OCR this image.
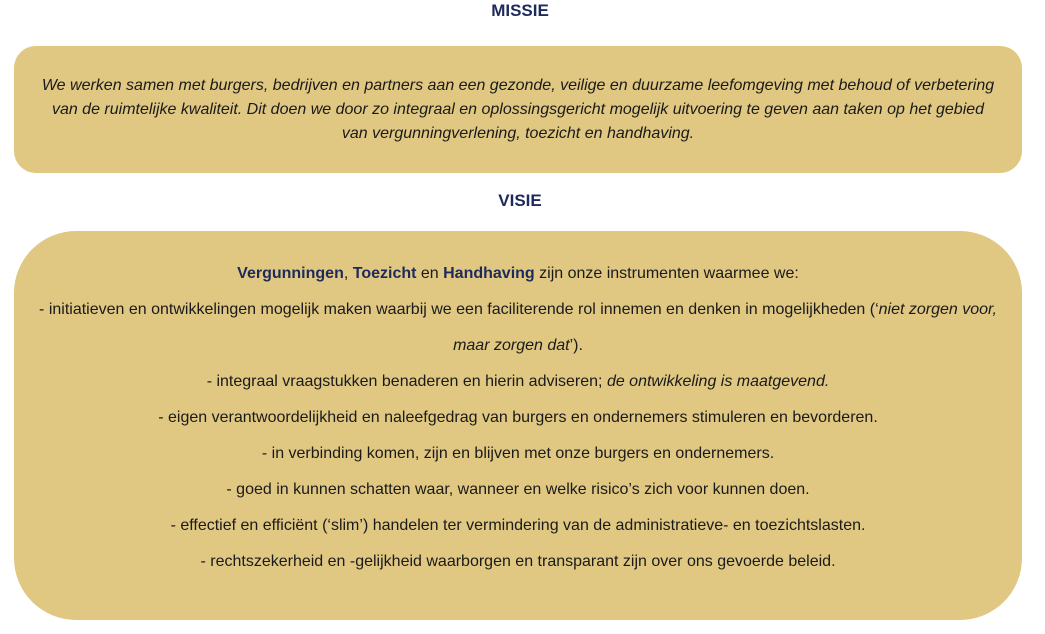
MISSIE
We werken samen met burgers, bedrijven en partners aan een gezonde, veilige en duurzame leefomgeving met behoud of verbetering van de ruimtelijke kwaliteit. Dit doen we door zo integraal en oplossingsgericht mogelijk uitvoering te geven aan taken op het gebied van vergunningverlening, toezicht en handhaving.
VISIE
Vergunningen, Toezicht en Handhaving zijn onze instrumenten waarmee we:
- initiatieven en ontwikkelingen mogelijk maken waarbij we een faciliterende rol innemen en denken in mogelijkheden (‘niet zorgen voor, maar zorgen dat’).
- integraal vraagstukken benaderen en hierin adviseren; de ontwikkeling is maatgevend.
- eigen verantwoordelijkheid en naleefgedrag van burgers en ondernemers stimuleren en bevorderen.
- in verbinding komen, zijn en blijven met onze burgers en ondernemers.
- goed in kunnen schatten waar, wanneer en welke risico’s zich voor kunnen doen.
- effectief en efficiënt (‘slim’) handelen ter vermindering van de administratieve- en toezichtslasten.
- rechtszekerheid en -gelijkheid waarborgen en transparant zijn over ons gevoerde beleid.
